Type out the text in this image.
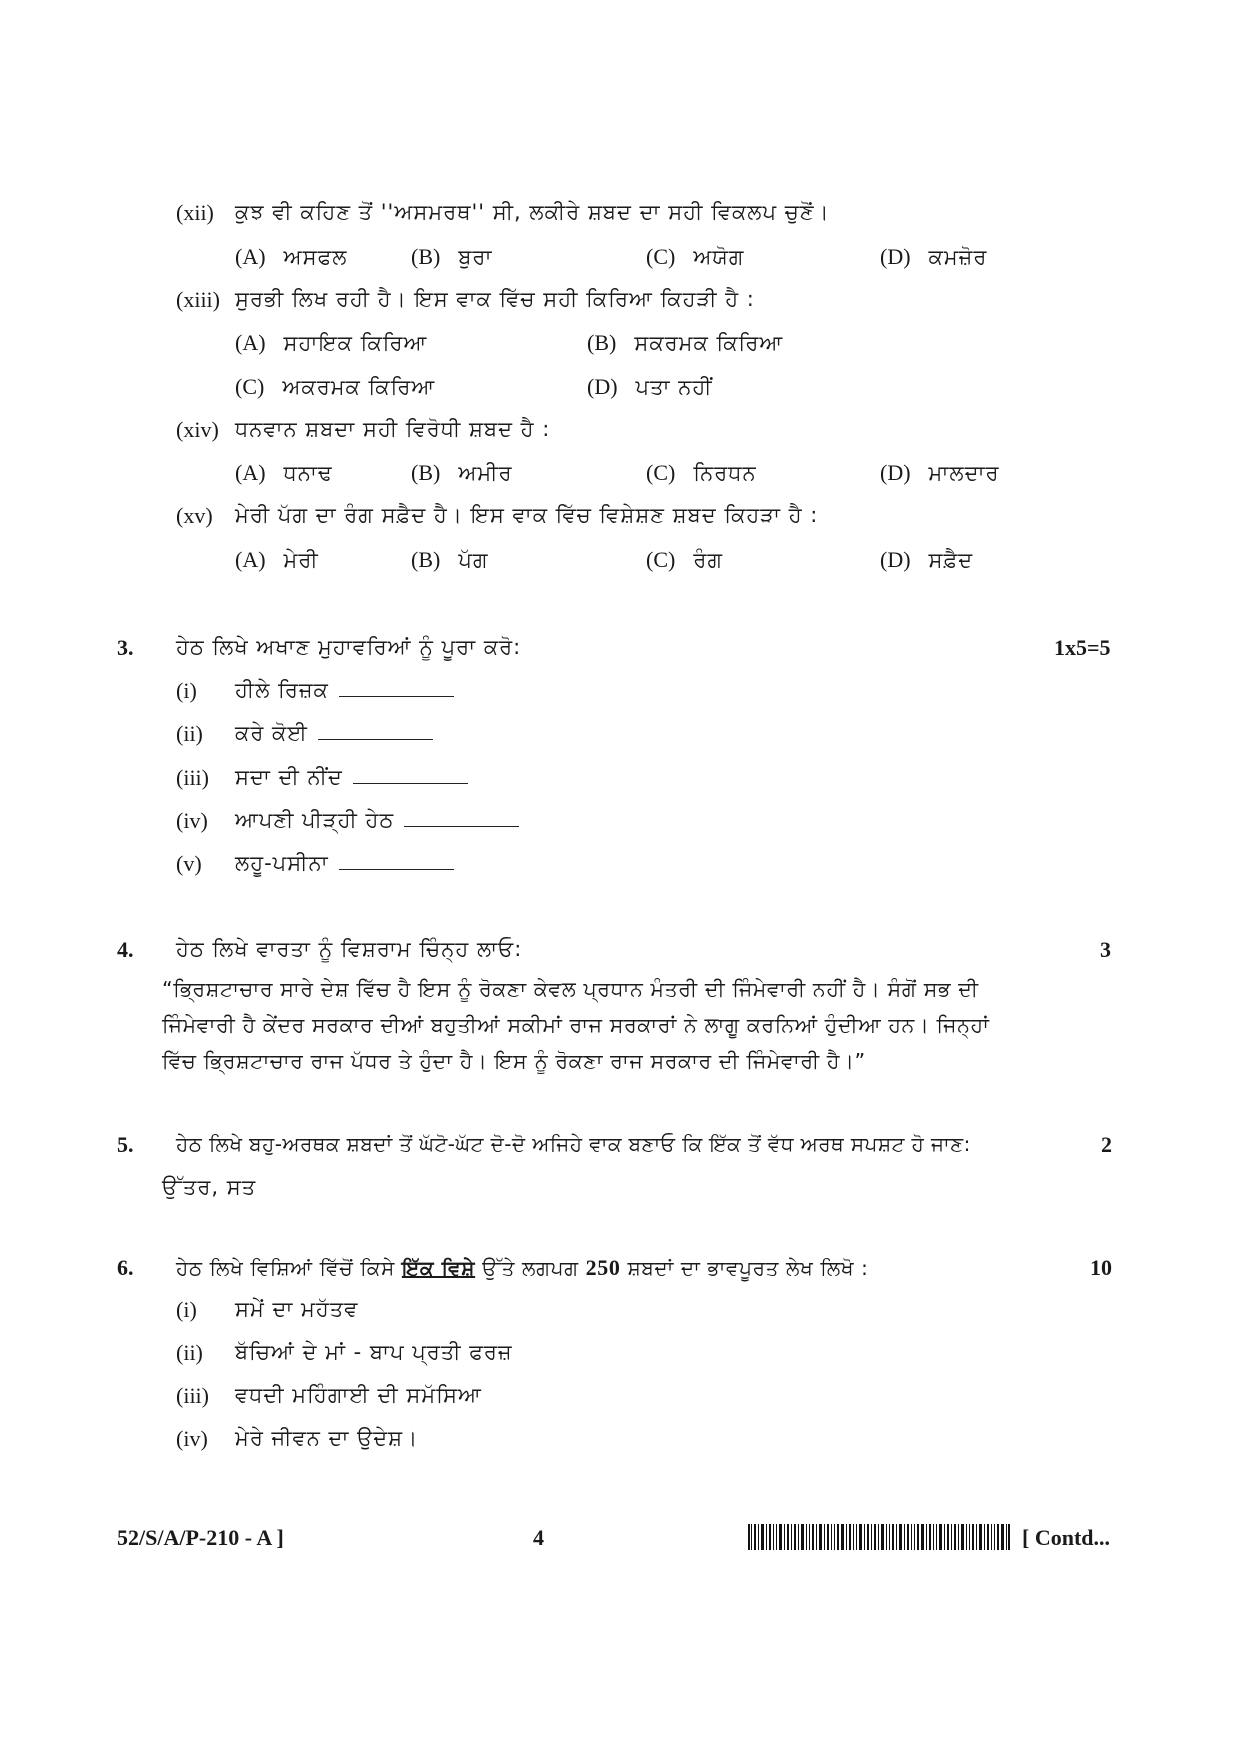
(xii) ਕੁਝ ਵੀ ਕਹਿਣ ਤੋਂ ''ਅਸਮਰਥ'' ਸੀ, ਲਕੀਰੇ ਸ਼ਬਦ ਦਾ ਸਹੀ ਵਿਕਲਪ ਚੁਣੋਂ।
(A) ਅਸਫਲ	(B) ਬੁਰਾ	(C) ਅਯੋਗ	(D) ਕਮਜ਼ੋਰ
(xiii) ਸੁਰਭੀ ਲਿਖ ਰਹੀ ਹੈ। ਇਸ ਵਾਕ ਵਿੱਚ ਸਹੀ ਕਿਰਿਆ ਕਿਹੜੀ ਹੈ :
(A) ਸਹਾਇਕ ਕਿਰਿਆ	(B) ਸਕਰਮਕ ਕਿਰਿਆ
(C) ਅਕਰਮਕ ਕਿਰਿਆ	(D) ਪਤਾ ਨਹੀਂ
(xiv) ਧਨਵਾਨ ਸ਼ਬਦਾ ਸਹੀ ਵਿਰੋਧੀ ਸ਼ਬਦ ਹੈ :
(A) ਧਨਾਢ	(B) ਅਮੀਰ	(C) ਨਿਰਧਨ	(D) ਮਾਲਦਾਰ
(xv) ਮੇਰੀ ਪੱਗ ਦਾ ਰੰਗ ਸਫ਼ੈਦ ਹੈ। ਇਸ ਵਾਕ ਵਿੱਚ ਵਿਸ਼ੇਸ਼ਣ ਸ਼ਬਦ ਕਿਹੜਾ ਹੈ :
(A) ਮੇਰੀ	(B) ਪੱਗ	(C) ਰੰਗ	(D) ਸਫ਼ੈਦ
3. ਹੇਠ ਲਿਖੇ ਅਖਾਣ ਮੁਹਾਵਰਿਆਂ ਨੂੰ ਪੂਰਾ ਕਰੋ:	1x5=5
(i) ਹੀਲੇ ਰਿਜ਼ਕ
(ii) ਕਰੇ ਕੋਈ
(iii) ਸਦਾ ਦੀ ਨੀਂਦ
(iv) ਆਪਣੀ ਪੀੜ੍ਹੀ ਹੇਠ
(v) ਲਹੂ-ਪਸੀਨਾ
4. ਹੇਠ ਲਿਖੇ ਵਾਰਤਾ ਨੂੰ ਵਿਸ਼ਰਾਮ ਚਿੰਨ੍ਹ ਲਾਓ:	3
“ਭ੍ਰਿਸ਼ਟਾਚਾਰ ਸਾਰੇ ਦੇਸ਼ ਵਿੱਚ ਹੈ ਇਸ ਨੂੰ ਰੋਕਣਾ ਕੇਵਲ ਪ੍ਰਧਾਨ ਮੰਤਰੀ ਦੀ ਜਿੰਮੇਵਾਰੀ ਨਹੀਂ ਹੈ। ਸੰਗੋਂ ਸਭ ਦੀ
ਜਿੰਮੇਵਾਰੀ ਹੈ ਕੇਂਦਰ ਸਰਕਾਰ ਦੀਆਂ ਬਹੁਤੀਆਂ ਸਕੀਮਾਂ ਰਾਜ ਸਰਕਾਰਾਂ ਨੇ ਲਾਗੂ ਕਰਨਿਆਂ ਹੁੰਦੀਆ ਹਨ। ਜਿਨ੍ਹਾਂ
ਵਿੱਚ ਭ੍ਰਿਸ਼ਟਾਚਾਰ ਰਾਜ ਪੱਧਰ ਤੇ ਹੁੰਦਾ ਹੈ। ਇਸ ਨੂੰ ਰੋਕਣਾ ਰਾਜ ਸਰਕਾਰ ਦੀ ਜਿੰਮੇਵਾਰੀ ਹੈ।”
5. ਹੇਠ ਲਿਖੇ ਬਹੁ-ਅਰਥਕ ਸ਼ਬਦਾਂ ਤੋਂ ਘੱਟੋ-ਘੱਟ ਦੋ-ਦੋ ਅਜਿਹੇ ਵਾਕ ਬਣਾਓ ਕਿ ਇੱਕ ਤੋਂ ਵੱਧ ਅਰਥ ਸਪਸ਼ਟ ਹੋ ਜਾਣ:	2
ਉੱਤਰ, ਸਤ
6. ਹੇਠ ਲਿਖੇ ਵਿਸ਼ਿਆਂ ਵਿੱਚੋਂ ਕਿਸੇ ਇੱਕ ਵਿਸ਼ੇ ਉੱਤੇ ਲਗਪਗ 250 ਸ਼ਬਦਾਂ ਦਾ ਭਾਵਪੂਰਤ ਲੇਖ ਲਿਖੋ :	10
(i) ਸਮੇਂ ਦਾ ਮਹੱਤਵ
(ii) ਬੱਚਿਆਂ ਦੇ ਮਾਂ - ਬਾਪ ਪ੍ਰਤੀ ਫਰਜ਼
(iii) ਵਧਦੀ ਮਹਿੰਗਾਈ ਦੀ ਸਮੱਸਿਆ
(iv) ਮੇਰੇ ਜੀਵਨ ਦਾ ਉਦੇਸ਼।
52/S/A/P-210 - A ]	4	[ Contd...
